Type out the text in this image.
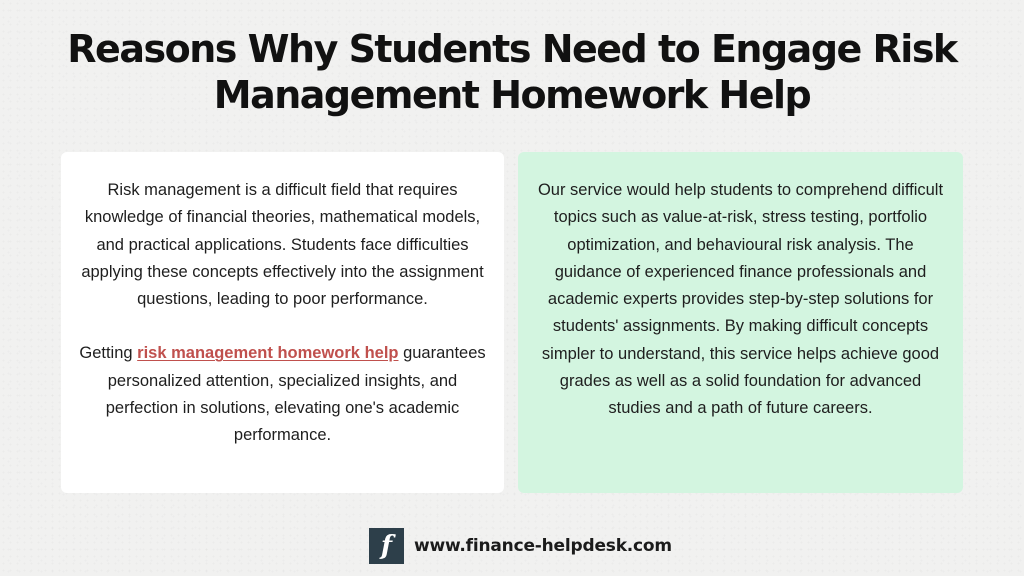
Reasons Why Students Need to Engage Risk
Management Homework Help

Risk management is a difficult field that requires knowledge of financial theories, mathematical models, and practical applications. Students face difficulties applying these concepts effectively into the assignment questions, leading to poor performance.

Getting risk management homework help guarantees personalized attention, specialized insights, and perfection in solutions, elevating one's academic performance.

Our service would help students to comprehend difficult topics such as value-at-risk, stress testing, portfolio optimization, and behavioural risk analysis. The guidance of experienced finance professionals and academic experts provides step-by-step solutions for students' assignments. By making difficult concepts simpler to understand, this service helps achieve good grades as well as a solid foundation for advanced studies and a path of future careers.

f www.finance-helpdesk.com
